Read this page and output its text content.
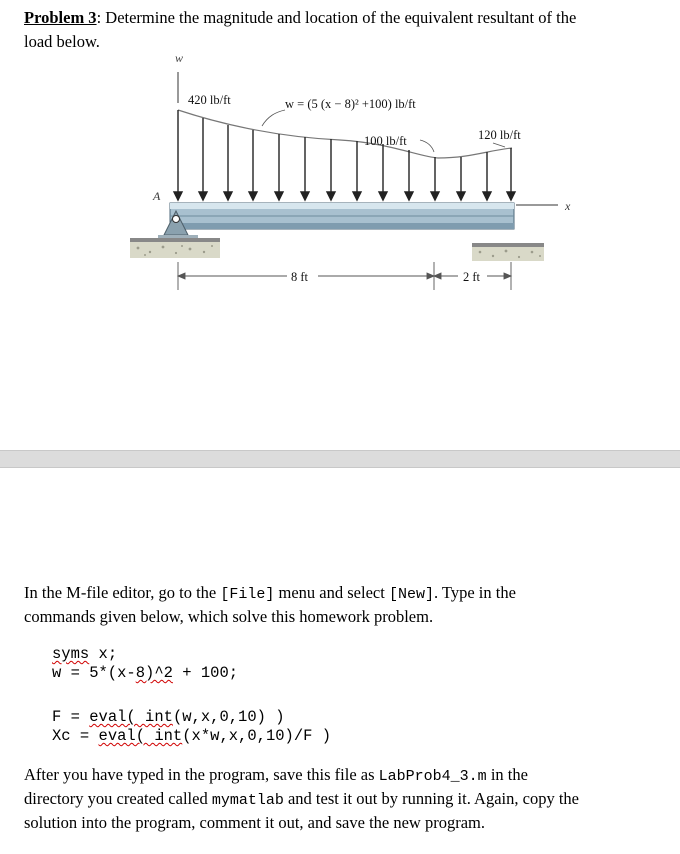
Problem 3: Determine the magnitude and location of the equivalent resultant of the
load below.
w
420 lb/ft	w = (5 (x − 8)² +100) lb/ft
100 lb/ft	120 lb/ft
A
x
8 ft	2 ft
In the M-file editor, go to the [File] menu and select [New]. Type in the
commands given below, which solve this homework problem.
syms x;
w = 5*(x-8)^2 + 100;
F = eval( int(w,x,0,10) )
Xc = eval( int(x*w,x,0,10)/F )
After you have typed in the program, save this file as LabProb4_3.m in the
directory you created called mymatlab and test it out by running it. Again, copy the
solution into the program, comment it out, and save the new program.
